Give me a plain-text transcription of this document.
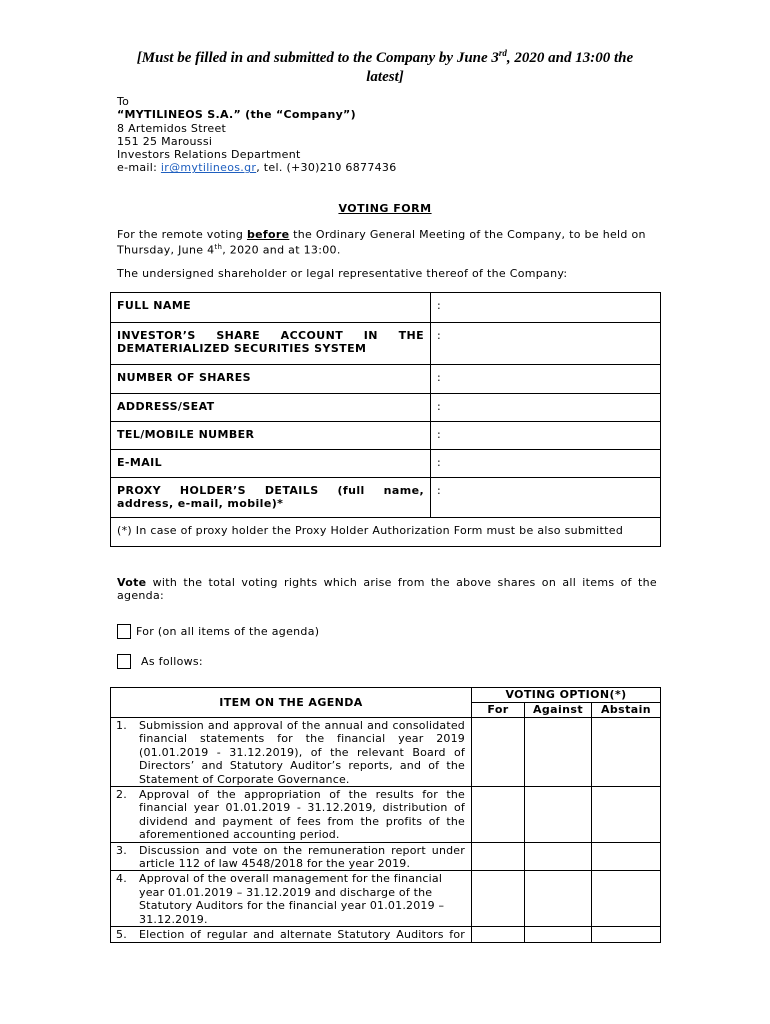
[Must be filled in and submitted to the Company by June 3rd, 2020 and 13:00 the
latest]
To
“MYTILINEOS S.A.” (the “Company”)
8 Artemidos Street
151 25 Maroussi
Investors Relations Department
e-mail: ir@mytilineos.gr, tel. (+30)210 6877436
VOTING FORM
For the remote voting before the Ordinary General Meeting of the Company, to be held on
Thursday, June 4th, 2020 and at 13:00.
The undersigned shareholder or legal representative thereof of the Company:
FULL NAME	:

INVESTOR’S SHARE ACCOUNT IN THE
DEMATERIALIZED SECURITIES SYSTEM	:
NUMBER OF SHARES	:
ADDRESS/SEAT	:
TEL/MOBILE NUMBER	:
E-MAIL	:

PROXY HOLDER’S DETAILS (full name,
address, e-mail, mobile)*	:
(*) In case of proxy holder the Proxy Holder Authorization Form must be also submitted	
Vote with the total voting rights which arise from the above shares on all items of the
agenda:
For (on all items of the agenda)
As follows:
ITEM ON THE AGENDA	VOTING OPTION(*)		
	For	Against	Abstain

1. Submission and approval of the annual and consolidated financial statements for the financial year 2019 (01.01.2019 - 31.12.2019), of the relevant Board of Directors’ and Statutory Auditor’s reports, and of the Statement of Corporate Governance.			

2. Approval of the appropriation of the results for the financial year 01.01.2019 - 31.12.2019, distribution of dividend and payment of fees from the profits of the aforementioned accounting period.			

3. Discussion and vote on the remuneration report under article 112 of law 4548/2018 for the year 2019.			

4. Approval of the overall management for the financial year 01.01.2019 – 31.12.2019 and discharge of the Statutory Auditors for the financial year 01.01.2019 – 31.12.2019.			

5. Election of regular and alternate Statutory Auditors for			
